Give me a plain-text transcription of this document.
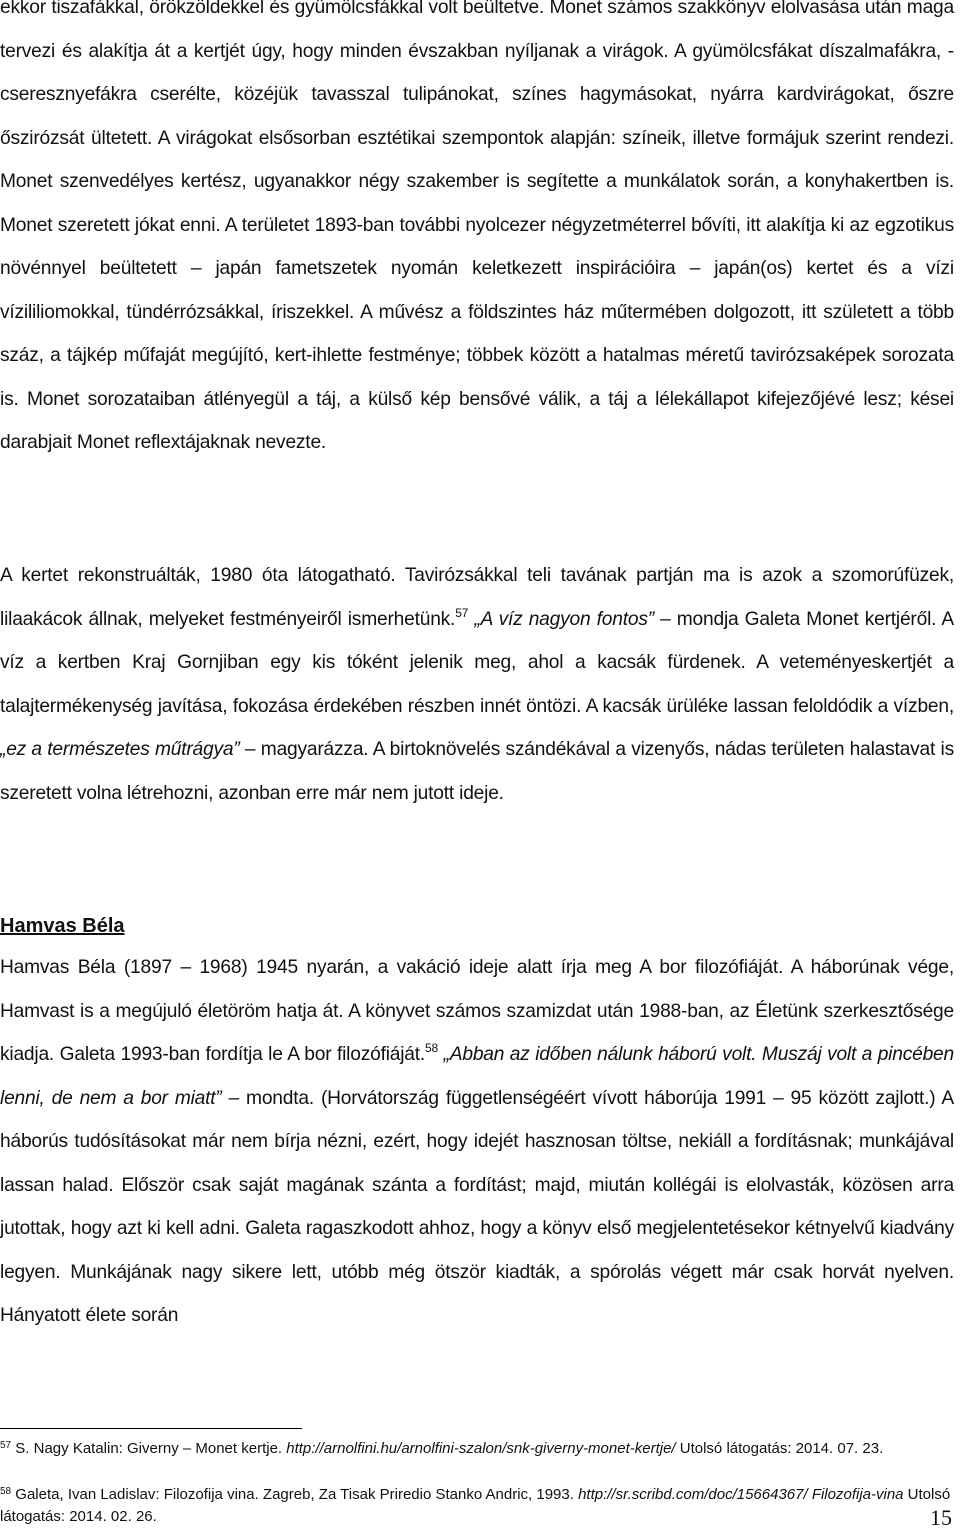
ekkor tiszafákkal, örökzöldekkel és gyümölcsfákkal volt beültetve. Monet számos szakkönyv elolvasása után maga tervezi és alakítja át a kertjét úgy, hogy minden évszakban nyíljanak a virágok. A gyümölcsfákat díszalmafákra, -cseresznyefákra cserélte, közéjük tavasszal tulipánokat, színes hagymásokat, nyárra kardvirágokat, őszre őszirózsát ültetett. A virágokat elsősorban esztétikai szempontok alapján: színeik, illetve formájuk szerint rendezi. Monet szenvedélyes kertész, ugyanakkor négy szakember is segítette a munkálatok során, a konyhakertben is. Monet szeretett jókat enni. A területet 1893-ban további nyolcezer négyzetméterrel bővíti, itt alakítja ki az egzotikus növénnyel beültetett – japán fametszetek nyomán keletkezett inspirációira – japán(os) kertet és a vízi vízililiomokkal, tündérrózsákkal, íriszekkel. A művész a földszintes ház műtermében dolgozott, itt született a több száz, a tájkép műfaját megújító, kert-ihlette festménye; többek között a hatalmas méretű tavirózsaképek sorozata is. Monet sorozataiban átlényegül a táj, a külső kép bensővé válik, a táj a lélekállapot kifejezőjévé lesz; kései darabjait Monet reflextájaknak nevezte.
A kertet rekonstruálták, 1980 óta látogatható. Tavirózsákkal teli tavának partján ma is azok a szomorúfüzek, lilaakácok állnak, melyeket festményeiről ismerhetünk.$^{57}$ „A víz nagyon fontos” – mondja Galeta Monet kertjéről. A víz a kertben Kraj Gornjiban egy kis tóként jelenik meg, ahol a kacsák fürdenek. A veteményeskertjét a talajtermékenység javítása, fokozása érdekében részben innét öntözi. A kacsák ürüléke lassan feloldódik a vízben, „ez a természetes műtrágya” – magyarázza. A birtoknövelés szándékával a vizenyős, nádas területen halastavat is szeretett volna létrehozni, azonban erre már nem jutott ideje.
Hamvas Béla
Hamvas Béla (1897 – 1968) 1945 nyarán, a vakáció ideje alatt írja meg A bor filozófiáját. A háborúnak vége, Hamvast is a megújuló életöröm hatja át. A könyvet számos szamizdat után 1988-ban, az Életünk szerkesztősége kiadja. Galeta 1993-ban fordítja le A bor filozófiáját.$^{58}$ „Abban az időben nálunk háború volt. Muszáj volt a pincében lenni, de nem a bor miatt” – mondta. (Horvátország függetlenségéért vívott háborúja 1991 – 95 között zajlott.) A háborús tudósításokat már nem bírja nézni, ezért, hogy idejét hasznosan töltse, nekiáll a fordításnak; munkájával lassan halad. Először csak saját magának szánta a fordítást; majd, miután kollégái is elolvasták, közösen arra jutottak, hogy azt ki kell adni. Galeta ragaszkodott ahhoz, hogy a könyv első megjelentetésekor kétnyelvű kiadvány legyen. Munkájának nagy sikere lett, utóbb még ötször kiadták, a spórolás végett már csak horvát nyelven. Hányatott élete során
$^{57}$ S. Nagy Katalin: Giverny – Monet kertje. http://arnolfini.hu/arnolfini-szalon/snk-giverny-monet-kertje/ Utolsó látogatás: 2014. 07. 23.
$^{58}$ Galeta, Ivan Ladislav: Filozofija vina. Zagreb, Za Tisak Priredio Stanko Andric, 1993. http://sr.scribd.com/doc/15664367/ Filozofija-vina Utolsó látogatás: 2014. 02. 26.	15
